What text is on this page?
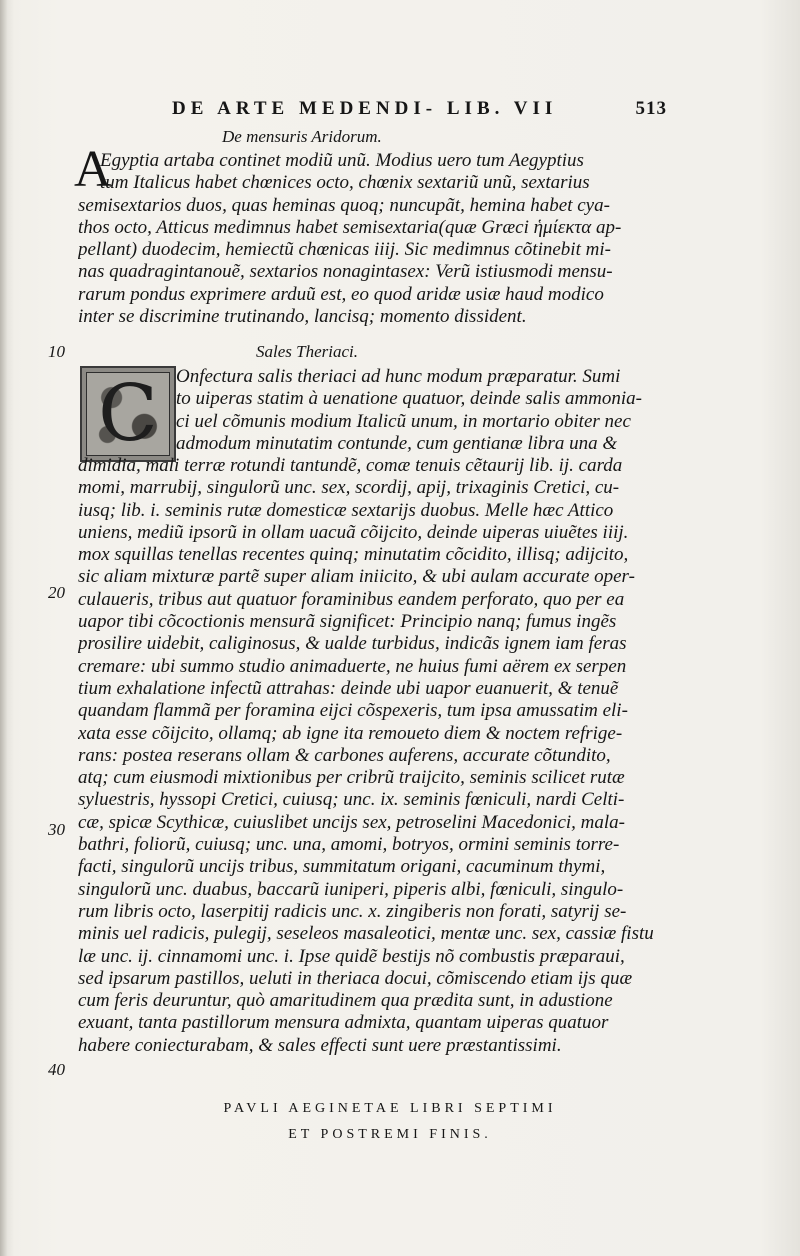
DE ARTE MEDENDI- LIB. VII	513
De mensuris Aridorum.
A
Egyptia artaba continet modiũ unũ. Modius uero tum Aegyptius
tum Italicus habet chœnices octo, chœnix sextariũ unũ, sextarius
semisextarios duos, quas heminas quoq; nuncupãt, hemina habet cya-
thos octo, Atticus medimnus habet semisextaria(quæ Græci ἡμίεκτα ap-
pellant) duodecim, hemiectũ chœnicas iiij. Sic medimnus cõtinebit mi-
nas quadragintanouẽ, sextarios nonagintasex: Verũ istiusmodi mensu-
rarum pondus exprimere arduũ est, eo quod aridæ usiæ haud modico
inter se discrimine trutinando, lancisq; momento dissident.
Sales Theriaci.
C Onfectura salis theriaci ad hunc modum præparatur. Sumi
to uiperas statim à uenatione quatuor, deinde salis ammonia-
ci uel cõmunis modium Italicũ unum, in mortario obiter nec
admodum minutatim contunde, cum gentianæ libra una &
dimidia, mali terræ rotundi tantundẽ, comæ tenuis cẽtaurij lib. ij. carda
momi, marrubij, singulorũ unc. sex, scordij, apij, trixaginis Cretici, cu-
iusq; lib. i. seminis rutæ domesticæ sextarijs duobus. Melle hæc Attico
uniens, mediũ ipsorũ in ollam uacuã cõijcito, deinde uiperas uiuẽtes iiij.
mox squillas tenellas recentes quinq; minutatim cõcidito, illisq; adijcito,
sic aliam mixturæ partẽ super aliam iniicito, & ubi aulam accurate oper-
culaueris, tribus aut quatuor foraminibus eandem perforato, quo per ea
uapor tibi cõcoctionis mensurã significet: Principio nanq; fumus ingẽs
prosilire uidebit, caliginosus, & ualde turbidus, indicãs ignem iam feras
cremare: ubi summo studio animaduerte, ne huius fumi aërem ex serpen
tium exhalatione infectũ attrahas: deinde ubi uapor euanuerit, & tenuẽ
quandam flammã per foramina eijci cõspexeris, tum ipsa amussatim eli-
xata esse cõijcito, ollamq; ab igne ita remoueto diem & noctem refrige-
rans: postea reserans ollam & carbones auferens, accurate cõtundito,
atq; cum eiusmodi mixtionibus per cribrũ traijcito, seminis scilicet rutæ
syluestris, hyssopi Cretici, cuiusq; unc. ix. seminis fœniculi, nardi Celti-
cæ, spicæ Scythicæ, cuiuslibet uncijs sex, petroselini Macedonici, mala-
bathri, foliorũ, cuiusq; unc. una, amomi, botryos, ormini seminis torre-
facti, singulorũ uncijs tribus, summitatum origani, cacuminum thymi,
singulorũ unc. duabus, baccarũ iuniperi, piperis albi, fœniculi, singulo-
rum libris octo, laserpitij radicis unc. x. zingiberis non forati, satyrij se-
minis uel radicis, pulegij, seseleos masaleotici, mentæ unc. sex, cassiæ fistu
læ unc. ij. cinnamomi unc. i. Ipse quidẽ bestijs nõ combustis præparaui,
sed ipsarum pastillos, ueluti in theriaca docui, cõmiscendo etiam ijs quæ
cum feris deuruntur, quò amaritudinem qua prædita sunt, in adustione
exuant, tanta pastillorum mensura admixta, quantam uiperas quatuor
habere coniecturabam, & sales effecti sunt uere præstantissimi.
10
20
30
40
PAVLI AEGINETAE LIBRI SEPTIMI
ET POSTREMI FINIS.
